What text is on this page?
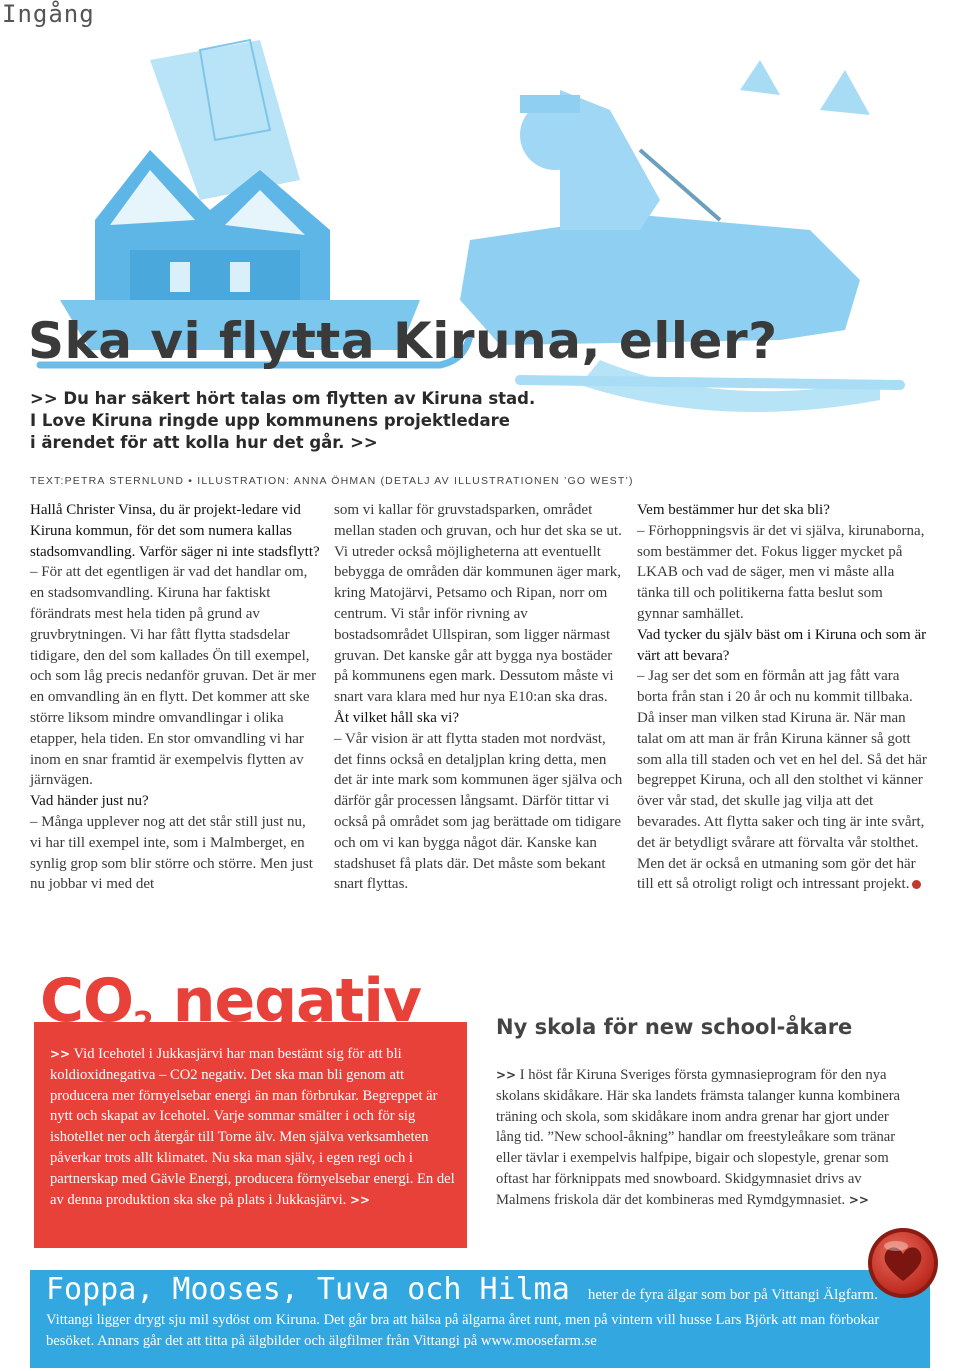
Ingång
Ska vi flytta Kiruna, eller?
>> Du har säkert hört talas om flytten av Kiruna stad.
I Love Kiruna ringde upp kommunens projektledare
i ärendet för att kolla hur det går. >>
TEXT:PETRA STERNLUND • ILLUSTRATION: ANNA ÖHMAN (DETALJ AV ILLUSTRATIONEN ’GO WEST’)

Hallå Christer Vinsa, du är projekt-ledare vid Kiruna kommun, för det som numera kallas stadsomvandling. Varför säger ni inte stadsflytt?

– För att det egentligen är vad det handlar om, en stadsomvandling. Kiruna har faktiskt förändrats mest hela tiden på grund av gruvbrytningen. Vi har fått flytta stadsdelar tidigare, den del som kallades Ön till exempel, och som låg precis nedanför gruvan. Det är mer en omvandling än en flytt. Det kommer att ske större liksom mindre omvandlingar i olika etapper, hela tiden. En stor omvandling vi har inom en snar framtid är exempelvis flytten av järnvägen.

Vad händer just nu?

– Många upplever nog att det står still just nu, vi har till exempel inte, som i Malmberget, en synlig grop som blir större och större. Men just nu jobbar vi med det

som vi kallar för gruvstadsparken, området mellan staden och gruvan, och hur det ska se ut. Vi utreder också möjligheterna att eventuellt bebygga de områden där kommunen äger mark, kring Matojärvi, Petsamo och Ripan, norr om centrum. Vi står inför rivning av bostadsområdet Ullspiran, som ligger närmast gruvan. Det kanske går att bygga nya bostäder på kommunens egen mark. Dessutom måste vi snart vara klara med hur nya E10:an ska dras.

Åt vilket håll ska vi?

– Vår vision är att flytta staden mot nordväst, det finns också en detaljplan kring detta, men det är inte mark som kommunen äger själva och därför går processen långsamt. Därför tittar vi också på området som jag berättade om tidigare och om vi kan bygga något där. Kanske kan stadshuset få plats där. Det måste som bekant snart flyttas.

Vem bestämmer hur det ska bli?

– Förhoppningsvis är det vi själva, kirunaborna, som bestämmer det. Fokus ligger mycket på LKAB och vad de säger, men vi måste alla tänka till och politikerna fatta beslut som gynnar samhället.

Vad tycker du själv bäst om i Kiruna och som är värt att bevara?

– Jag ser det som en förmån att jag fått vara borta från stan i 20 år och nu kommit tillbaka. Då inser man vilken stad Kiruna är. När man talat om att man är från Kiruna känner så gott som alla till staden och vet en hel del. Så det här begreppet Kiruna, och all den stolthet vi känner över vår stad, det skulle jag vilja att det bevarades. Att flytta saker och ting är inte svårt, det är betydligt svårare att förvalta vår stolthet. Men det är också en utmaning som gör det här till ett så otroligt roligt och intressant projekt.

$CO_2$ negativ
>> Vid Icehotel i Jukkasjärvi har man bestämt sig för att bli koldioxidnegativa – CO2 negativ. Det ska man bli genom att producera mer förnyelsebar energi än man förbrukar. Begreppet är nytt och skapat av Icehotel. Varje sommar smälter i och för sig ishotellet ner och återgår till Torne älv. Men själva verksamheten påverkar trots allt klimatet. Nu ska man själv, i egen regi och i partnerskap med Gävle Energi, producera förnyelsebar energi. En del av denna produktion ska ske på plats i Jukkasjärvi. >>
Ny skola för new school-åkare
>> I höst får Kiruna Sveriges första gymnasieprogram för den nya skolans skidåkare. Här ska landets främsta talanger kunna kombinera träning och skola, som skidåkare inom andra grenar har gjort under lång tid. ”New school-åkning” handlar om freestyleåkare som tränar eller tävlar i exempelvis halfpipe, bigair och slopestyle, grenar som oftast har förknippats med snowboard. Skidgymnasiet drivs av Malmens friskola där det kombineras med Rymdgymnasiet. >>
Foppa, Mooses, Tuva och Hilma heter de fyra älgar som bor på Vittangi Älgfarm.
Vittangi ligger drygt sju mil sydöst om Kiruna. Det går bra att hälsa på älgarna året runt, men på vintern vill husse Lars Björk att man förbokar besöket. Annars går det att titta på älgbilder och älgfilmer från Vittangi på www.moosefarm.se
